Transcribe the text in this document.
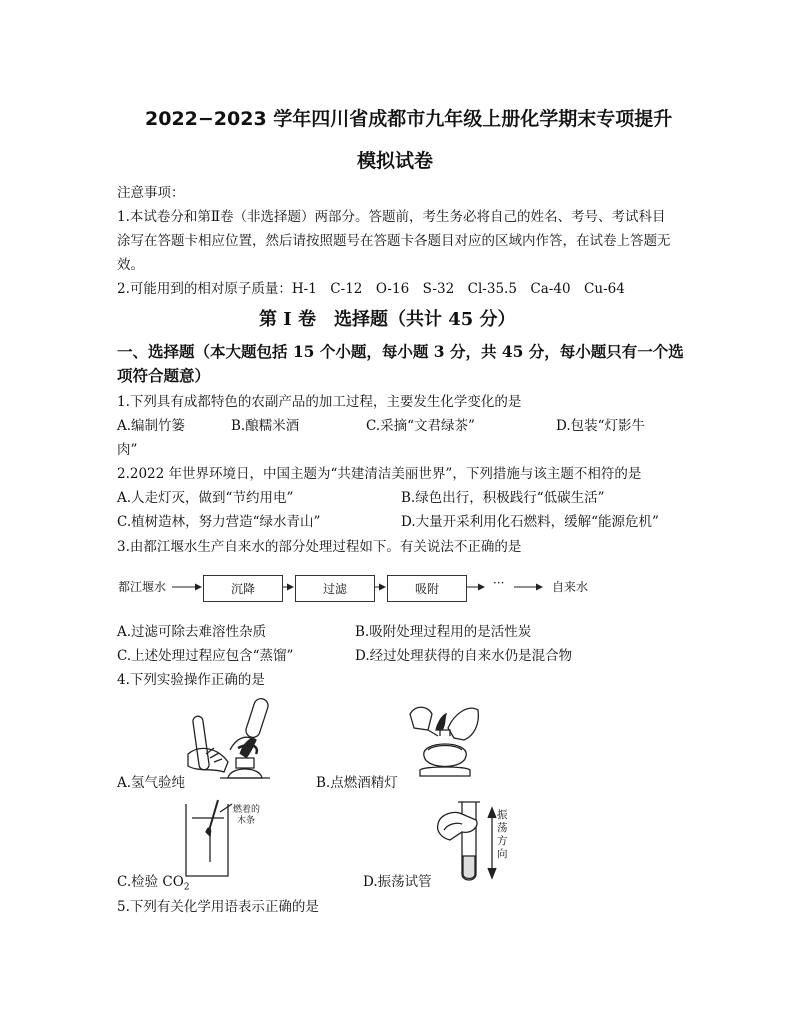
2022−2023 学年四川省成都市九年级上册化学期末专项提升
模拟试卷
注意事项：
1.本试卷分和第Ⅱ卷（非选择题）两部分。答题前，考生务必将自己的姓名、考号、考试科目
涂写在答题卡相应位置，然后请按照题号在答题卡各题目对应的区域内作答，在试卷上答题无
效。
2.可能用到的相对原子质量：H-1　C-12　O-16　S-32　Cl-35.5　Ca-40　Cu-64
第 I 卷　选择题（共计 45 分）
一、选择题（本大题包括 15 个小题，每小题 3 分，共 45 分，每小题只有一个选
项符合题意）
1.下列具有成都特色的农副产品的加工过程，主要发生化学变化的是
A.编制竹篓	B.酿糯米酒	C.采摘“文君绿茶”	D.包装“灯影牛
肉”
2.2022 年世界环境日，中国主题为“共建清洁美丽世界”，下列措施与该主题不相符的是
A.人走灯灭，做到“节约用电”	B.绿色出行，积极践行“低碳生活”
C.植树造林，努力营造“绿水青山”	D.大量开采利用化石燃料，缓解“能源危机”
3.由都江堰水生产自来水的部分处理过程如下。有关说法不正确的是
都江堰水	沉降	过滤	吸附	···	自来水
A.过滤可除去难溶性杂质	B.吸附处理过程用的是活性炭
C.上述处理过程应包含“蒸馏”	D.经过处理获得的自来水仍是混合物
4.下列实验操作正确的是
A.氢气验纯	B.点燃酒精灯
燃着的
木条
C.检验 $CO_2$
振荡方向
D.振荡试管
5.下列有关化学用语表示正确的是
